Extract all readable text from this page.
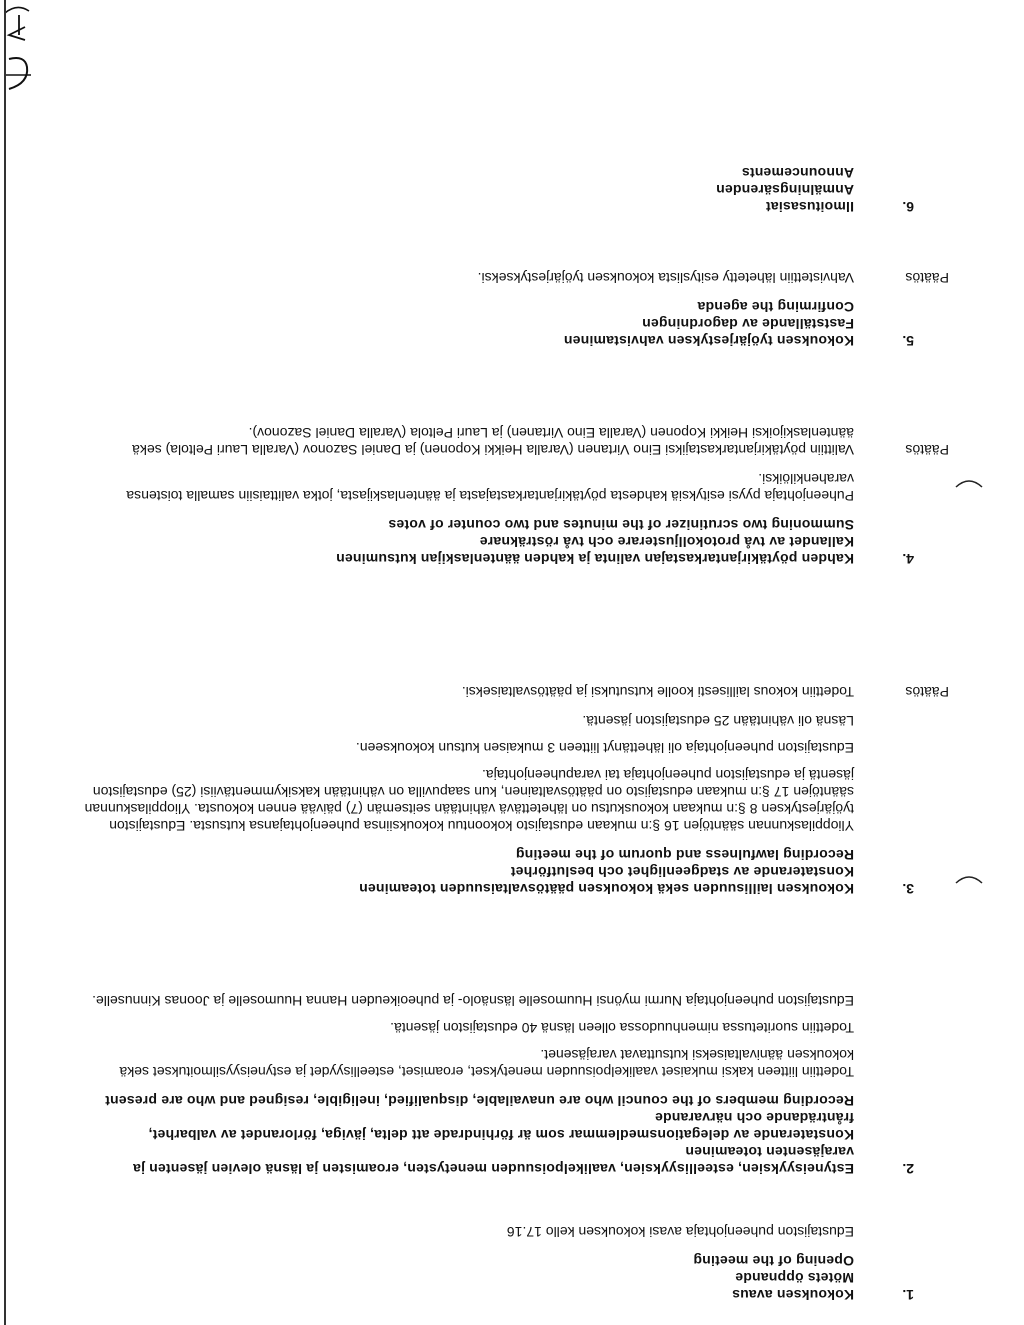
1.
Kokouksen avaus
Mötets öppnande
Opening of the meeting
Edustajiston puheenjohtaja avasi kokouksen kello 17.16
2.
Estyneisyyksien, esteellisyyksien, vaalikelpoisuuden menetysten, eroamisten ja läsnä olevien jäsenten ja varajäsenten toteaminen
Konstaterande av delegationsmedlemmar som är förhindrade att delta, jäviga, förlorandet av valbarhet, frånträdande och närvarande
Recording members of the council who are unavailable, disqualified, ineligible, resigned and who are present
Todettiin liitteen kaksi mukaiset vaalikelpoisuuden menetykset, eroamiset, esteellisyydet ja estyneisyysilmoitukset sekä kokouksen äänivaltaiseksi kutsuttavat varajäsenet.
Todettiin suoritetussa nimenhuudossa olleen läsnä 40 edustajiston jäsentä.
Edustajiston puheenjohtaja Nurmi myönsi Huumoselle läsnäolo- ja puheoikeuden Hanna Huumoselle ja Joonas Kinnuselle.
3.
Kokouksen laillisuuden sekä kokouksen päätösvaltaisuuden toteaminen
Konstaterande av stadgeenlighet och beslutförhet
Recording lawfulness and quorum of the meeting
Ylioppilaskunnan sääntöjen 16 §:n mukaan edustajisto kokoontuu kokouksiinsa puheenjohtajansa kutsusta. Edustajiston työjärjestyksen 8 §:n mukaan kokouskutsu on lähetettävä vähintään seitsemän (7) päivää ennen kokousta. Ylioppilaskunnan sääntöjen 17 §:n mukaan edustajisto on päätösvaltainen, kun saapuvilla on vähintään kaksikymmentäviisi (25) edustajiston jäsentä ja edustajiston puheenjohtaja tai varapuheenjohtaja.
Edustajiston puheenjohtaja oli lähettänyt liitteen 3 mukaisen kutsun kokoukseen.
Läsnä oli vähintään 25 edustajiston jäsentä.
Päätös
Todettiin kokous laillisesti koolle kutsutuksi ja päätösvaltaiseksi.
4.
Kahden pöytäkirjantarkastajan valinta ja kahden ääntenlaskijan kutsuminen
Kallandet av två protokolljusterare och två rösträknare
Summoning two scrutinizer of the minutes and two counter of votes
Puheenjohtaja pyysi esityksiä kahdesta pöytäkirjantarkastajasta ja ääntenlaskijasta, jotka valittaisiin samalla toistensa varahenkilöiksi.
Päätös
Valittiin pöytäkirjantarkastajiksi Eino Virtanen (Varalla Heikki Koponen) ja Daniel Sazonov (Varalla Lauri Peltola) sekä ääntenlaskijoiksi Heikki Koponen (Varalla Eino Virtanen) ja Lauri Peltola (Varalla Daniel Sazonov).
5.
Kokouksen työjärjestyksen vahvistaminen
Fastställande av dagordningen
Confirming the agenda
Päätös
Vahvistettiin lähetetty esityslista kokouksen työjärjestykseksi.
6.
Ilmoitusasiat
Anmälningsärenden
Announcements
